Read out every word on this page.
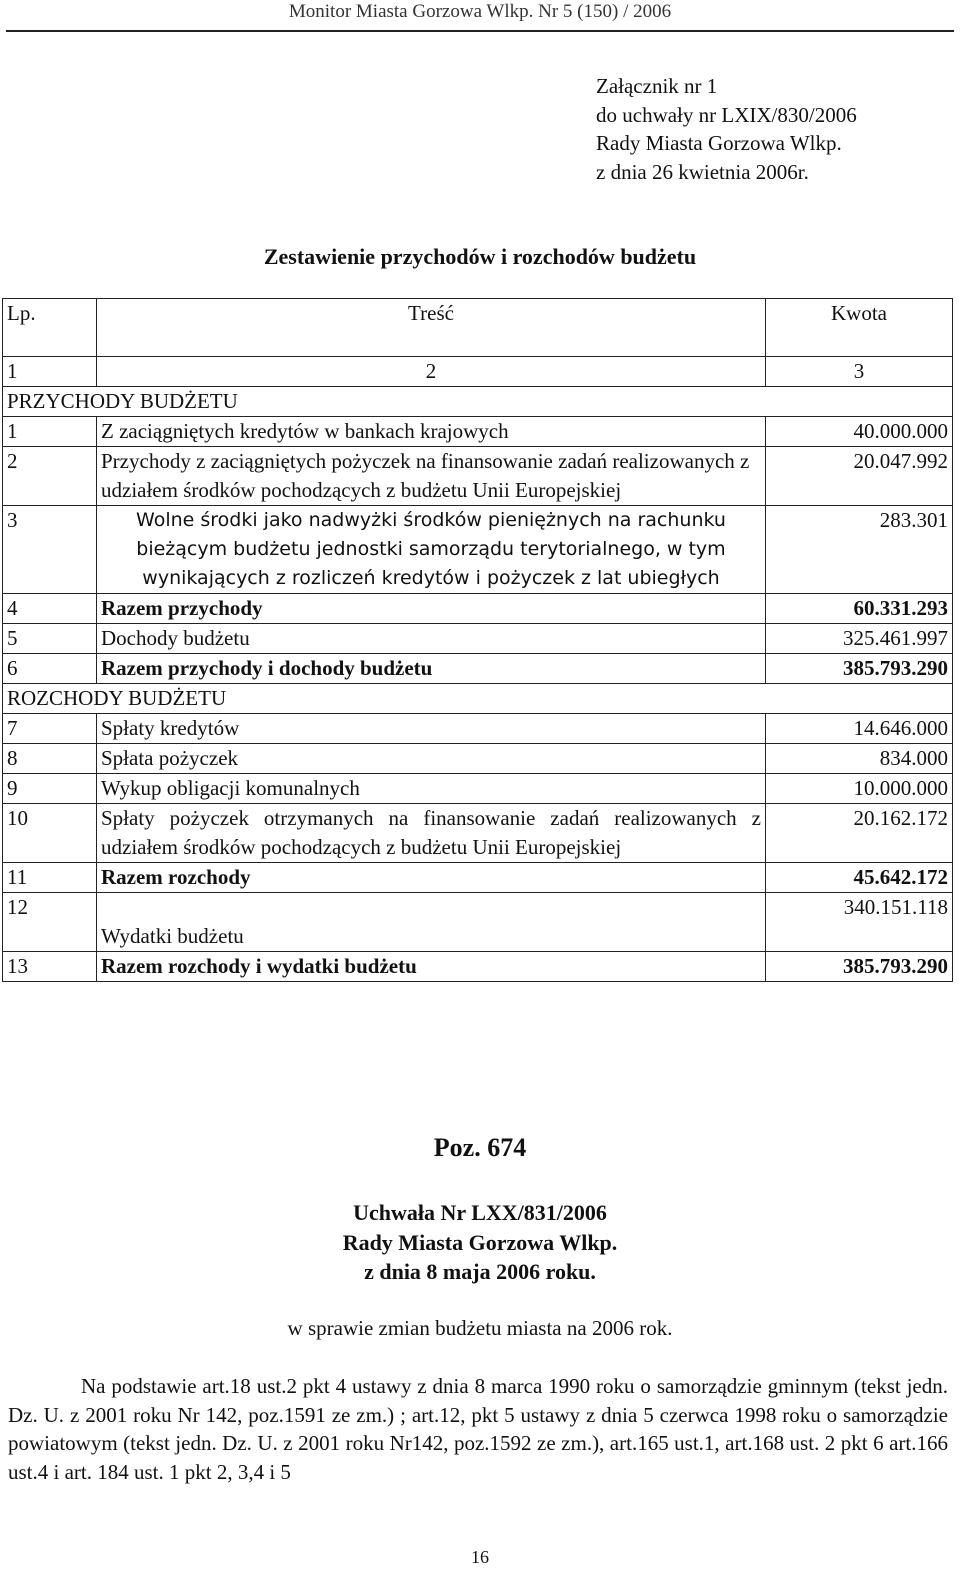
Monitor Miasta Gorzowa Wlkp. Nr 5 (150) / 2006
Załącznik nr 1
do uchwały nr LXIX/830/2006
Rady Miasta Gorzowa Wlkp.
z dnia 26 kwietnia 2006r.
Zestawienie przychodów i rozchodów budżetu
Lp.	Treść	Kwota
1	2	3
PRZYCHODY BUDŻETU		
1	Z zaciągniętych kredytów w bankach krajowych	40.000.000
2	Przychody z zaciągniętych pożyczek na finansowanie zadań realizowanych z udziałem środków pochodzących z budżetu Unii Europejskiej	20.047.992
3	Wolne środki jako nadwyżki środków pieniężnych na rachunku bieżącym budżetu jednostki samorządu terytorialnego, w tym wynikających z rozliczeń kredytów i pożyczek z lat ubiegłych	283.301
4	Razem przychody	60.331.293
5	Dochody budżetu	325.461.997
6	Razem przychody i dochody budżetu	385.793.290
ROZCHODY BUDŻETU		
7	Spłaty kredytów	14.646.000
8	Spłata pożyczek	834.000
9	Wykup obligacji komunalnych	10.000.000
10	Spłaty pożyczek otrzymanych na finansowanie zadań realizowanych z udziałem środków pochodzących z budżetu Unii Europejskiej	20.162.172
11	Razem rozchody	45.642.172
12	Wydatki budżetu	340.151.118
13	Razem rozchody i wydatki budżetu	385.793.290
Poz. 674
Uchwała Nr LXX/831/2006
Rady Miasta Gorzowa Wlkp.
z dnia 8 maja 2006 roku.
w sprawie zmian budżetu miasta na 2006 rok.
Na podstawie art.18 ust.2 pkt 4 ustawy z dnia 8 marca 1990 roku o samorządzie gminnym (tekst jedn. Dz. U. z 2001 roku Nr 142, poz.1591 ze zm.) ; art.12, pkt 5 ustawy z dnia 5 czerwca 1998 roku o samorządzie powiatowym (tekst jedn. Dz. U. z 2001 roku Nr142, poz.1592 ze zm.), art.165 ust.1, art.168 ust. 2 pkt 6 art.166 ust.4 i art. 184 ust. 1 pkt 2, 3,4 i 5
16
